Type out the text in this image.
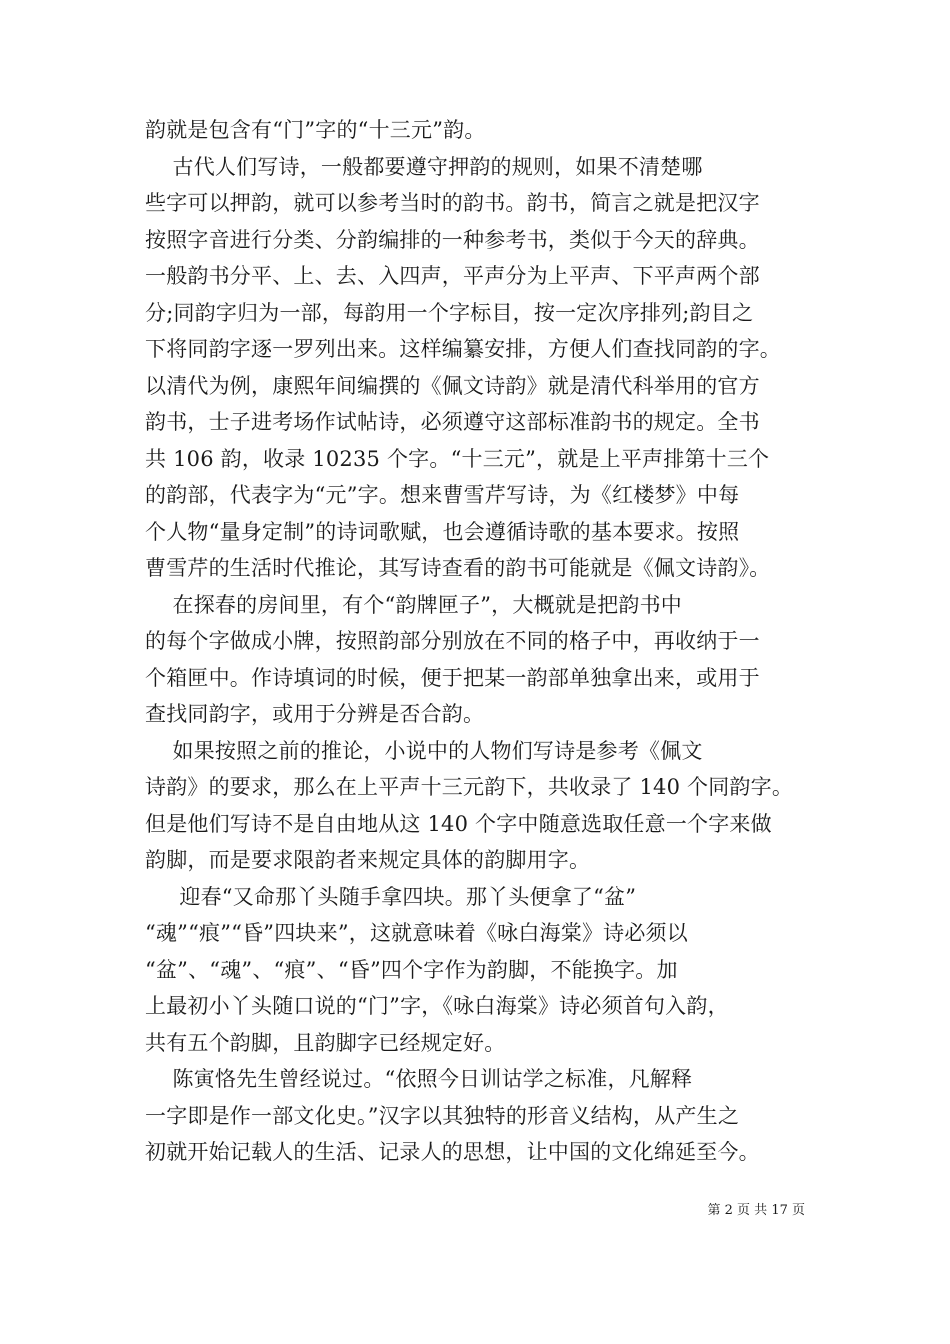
韵就是包含有“门”字的“十三元”韵。
古代人们写诗，一般都要遵守押韵的规则，如果不清楚哪
些字可以押韵，就可以参考当时的韵书。韵书，简言之就是把汉字
按照字音进行分类、分韵编排的一种参考书，类似于今天的辞典。
一般韵书分平、上、去、入四声，平声分为上平声、下平声两个部
分;同韵字归为一部，每韵用一个字标目，按一定次序排列;韵目之
下将同韵字逐一罗列出来。这样编纂安排，方便人们查找同韵的字。
以清代为例，康熙年间编撰的《佩文诗韵》就是清代科举用的官方
韵书，士子进考场作试帖诗，必须遵守这部标准韵书的规定。全书
共 106 韵，收录 10235 个字。“十三元”，就是上平声排第十三个
的韵部，代表字为“元”字。想来曹雪芹写诗，为《红楼梦》中每
个人物“量身定制”的诗词歌赋，也会遵循诗歌的基本要求。按照
曹雪芹的生活时代推论，其写诗查看的韵书可能就是《佩文诗韵》。
在探春的房间里，有个“韵牌匣子”，大概就是把韵书中
的每个字做成小牌，按照韵部分别放在不同的格子中，再收纳于一
个箱匣中。作诗填词的时候，便于把某一韵部单独拿出来，或用于
查找同韵字，或用于分辨是否合韵。
如果按照之前的推论，小说中的人物们写诗是参考《佩文
诗韵》的要求，那么在上平声十三元韵下，共收录了 140 个同韵字。
但是他们写诗不是自由地从这 140 个字中随意选取任意一个字来做
韵脚，而是要求限韵者来规定具体的韵脚用字。
迎春“又命那丫头随手拿四块。那丫头便拿了“盆”
“魂”“痕”“昏”四块来”，这就意味着《咏白海棠》诗必须以
“盆”、“魂”、“痕”、“昏”四个字作为韵脚，不能换字。加
上最初小丫头随口说的“门”字，《咏白海棠》诗必须首句入韵，
共有五个韵脚，且韵脚字已经规定好。
陈寅恪先生曾经说过。“依照今日训诂学之标准，凡解释
一字即是作一部文化史。”汉字以其独特的形音义结构，从产生之
初就开始记载人的生活、记录人的思想，让中国的文化绵延至今。
第 2 页 共 17 页
